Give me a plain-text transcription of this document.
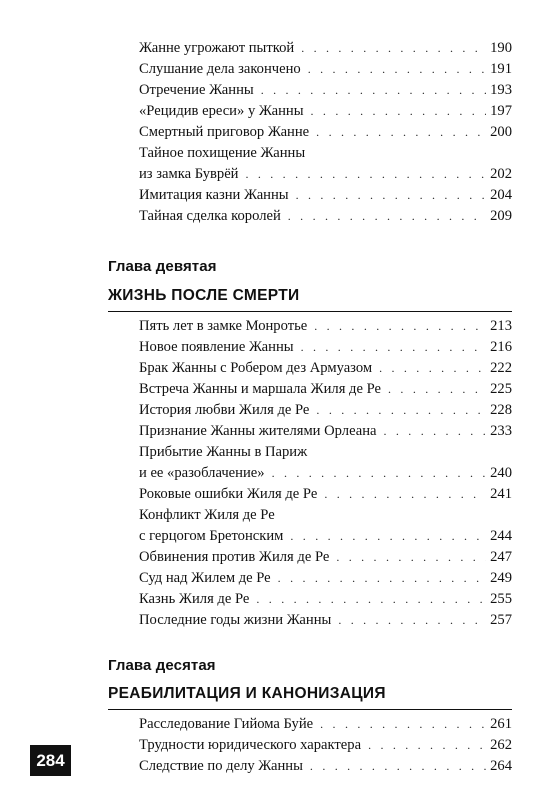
Жанне угрожают пыткой . . .	190
Слушание дела закончено . . .	191
Отречение Жанны . . .	193
«Рецидив ереси» у Жанны . . .	197
Смертный приговор Жанне . . .	200
Тайное похищение Жанны
из замка Буврёй . . .	202
Имитация казни Жанны . . .	204
Тайная сделка королей . . .	209
Глава девятая
ЖИЗНЬ ПОСЛЕ СМЕРТИ
Пять лет в замке Монротье . . .	213
Новое появление Жанны . . .	216
Брак Жанны с Робером дез Армуазом . . .	222
Встреча Жанны и маршала Жиля де Ре . . .	225
История любви Жиля де Ре . . .	228
Признание Жанны жителями Орлеана . . .	233
Прибытие Жанны в Париж
и ее «разоблачение» . . .	240
Роковые ошибки Жиля де Ре . . .	241
Конфликт Жиля де Ре
с герцогом Бретонским . . .	244
Обвинения против Жиля де Ре . . .	247
Суд над Жилем де Ре . . .	249
Казнь Жиля де Ре . . .	255
Последние годы жизни Жанны . . .	257
Глава десятая
РЕАБИЛИТАЦИЯ И КАНОНИЗАЦИЯ
Расследование Гийома Буйе . . .	261
Трудности юридического характера . . .	262
Следствие по делу Жанны . . .	264
284
